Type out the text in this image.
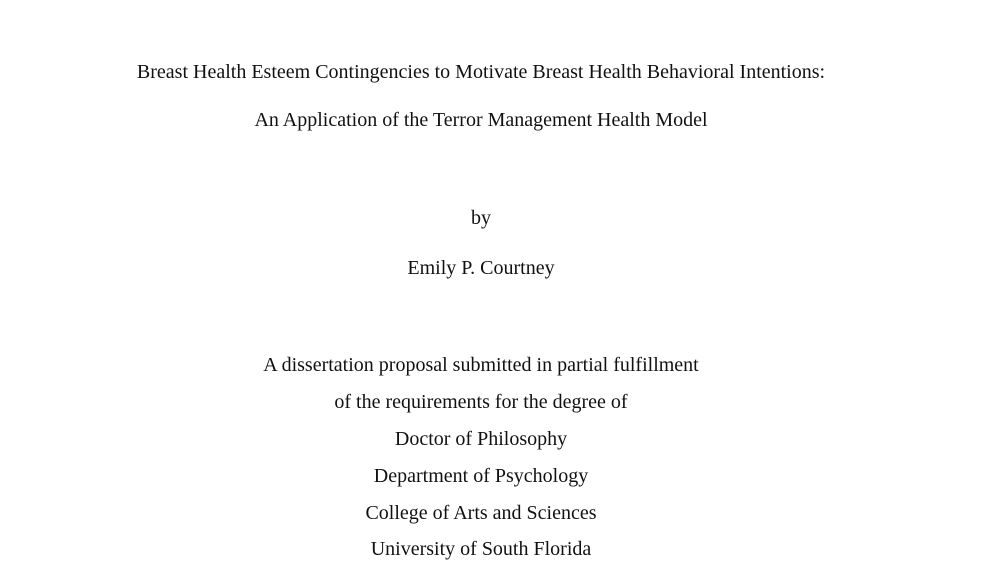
Breast Health Esteem Contingencies to Motivate Breast Health Behavioral Intentions:
An Application of the Terror Management Health Model
by
Emily P. Courtney
A dissertation proposal submitted in partial fulfillment
of the requirements for the degree of
Doctor of Philosophy
Department of Psychology
College of Arts and Sciences
University of South Florida
